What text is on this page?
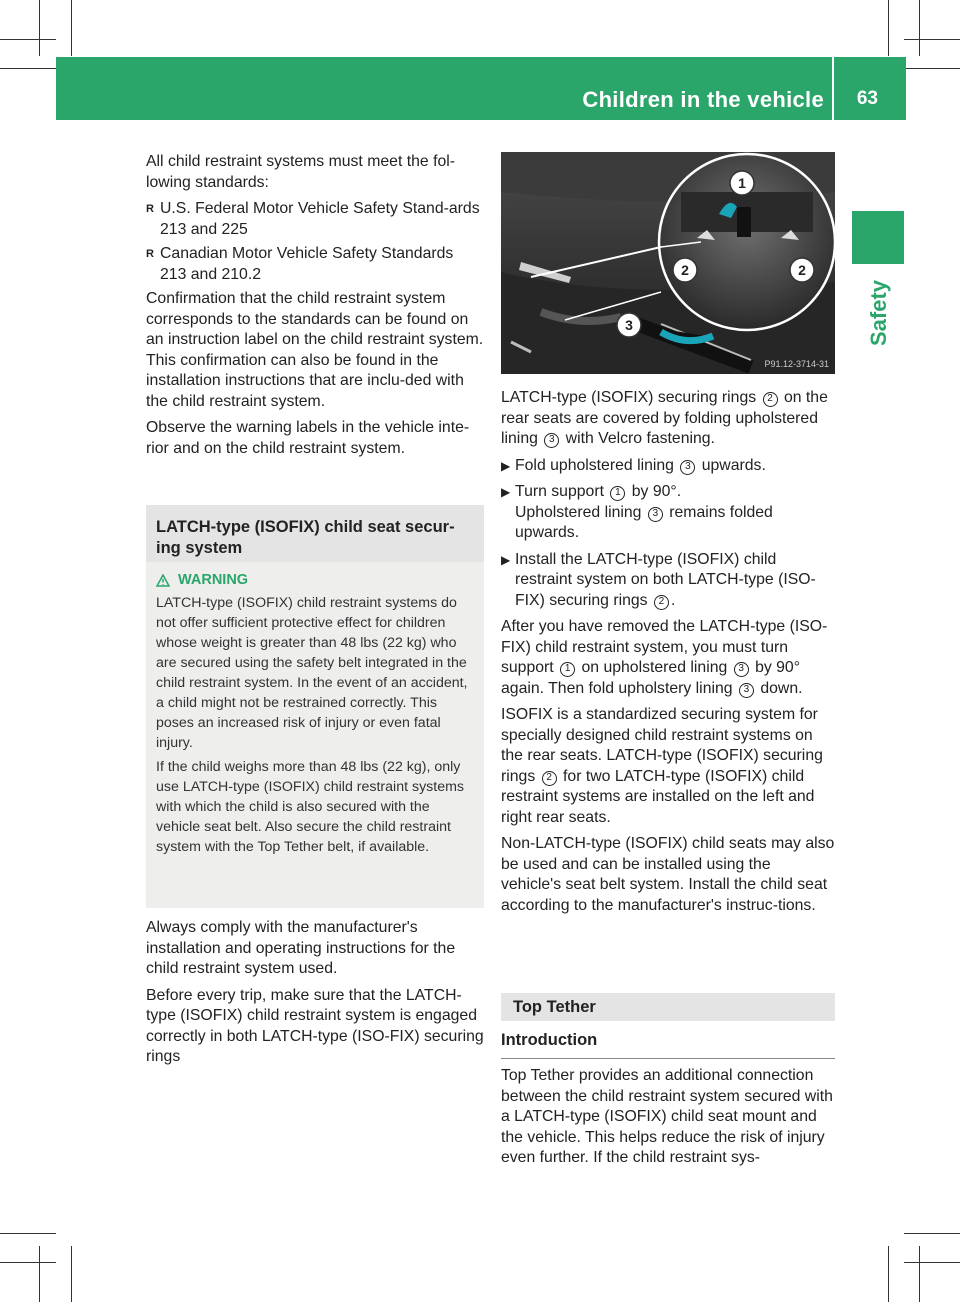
Children in the vehicle 63
Safety

All child restraint systems must meet the fol-lowing standards:

R U.S. Federal Motor Vehicle Safety Stand-ards 213 and 225
R Canadian Motor Vehicle Safety Standards 213 and 210.2

Confirmation that the child restraint system corresponds to the standards can be found on an instruction label on the child restraint system. This confirmation can also be found in the installation instructions that are inclu-ded with the child restraint system.

Observe the warning labels in the vehicle inte-rior and on the child restraint system.

LATCH-type (ISOFIX) child seat secur-ing system
WARNING

LATCH-type (ISOFIX) child restraint systems do not offer sufficient protective effect for children whose weight is greater than 48 lbs (22 kg) who are secured using the safety belt integrated in the child restraint system. In the event of an accident, a child might not be restrained correctly. This poses an increased risk of injury or even fatal injury.

If the child weighs more than 48 lbs (22 kg), only use LATCH-type (ISOFIX) child restraint systems with which the child is also secured with the vehicle seat belt. Also secure the child restraint system with the Top Tether belt, if available.

Always comply with the manufacturer's installation and operating instructions for the child restraint system used.

Before every trip, make sure that the LATCH-type (ISOFIX) child restraint system is engaged correctly in both LATCH-type (ISO-FIX) securing rings

1
2	2
3
P91.12-3714-31

LATCH-type (ISOFIX) securing rings 2 on the rear seats are covered by folding upholstered lining 3 with Velcro fastening.

▶ Fold upholstered lining 3 upwards.
▶ Turn support 1 by 90°.
Upholstered lining 3 remains folded upwards.
▶ Install the LATCH-type (ISOFIX) child restraint system on both LATCH-type (ISO-FIX) securing rings 2 .

After you have removed the LATCH-type (ISO-FIX) child restraint system, you must turn support 1 on upholstered lining 3 by 90° again. Then fold upholstery lining 3 down.

ISOFIX is a standardized securing system for specially designed child restraint systems on the rear seats. LATCH-type (ISOFIX) securing rings 2 for two LATCH-type (ISOFIX) child restraint systems are installed on the left and right rear seats.

Non-LATCH-type (ISOFIX) child seats may also be used and can be installed using the vehicle's seat belt system. Install the child seat according to the manufacturer's instruc-tions.

Top Tether
Introduction

Top Tether provides an additional connection between the child restraint system secured with a LATCH-type (ISOFIX) child seat mount and the vehicle. This helps reduce the risk of injury even further. If the child restraint sys-
